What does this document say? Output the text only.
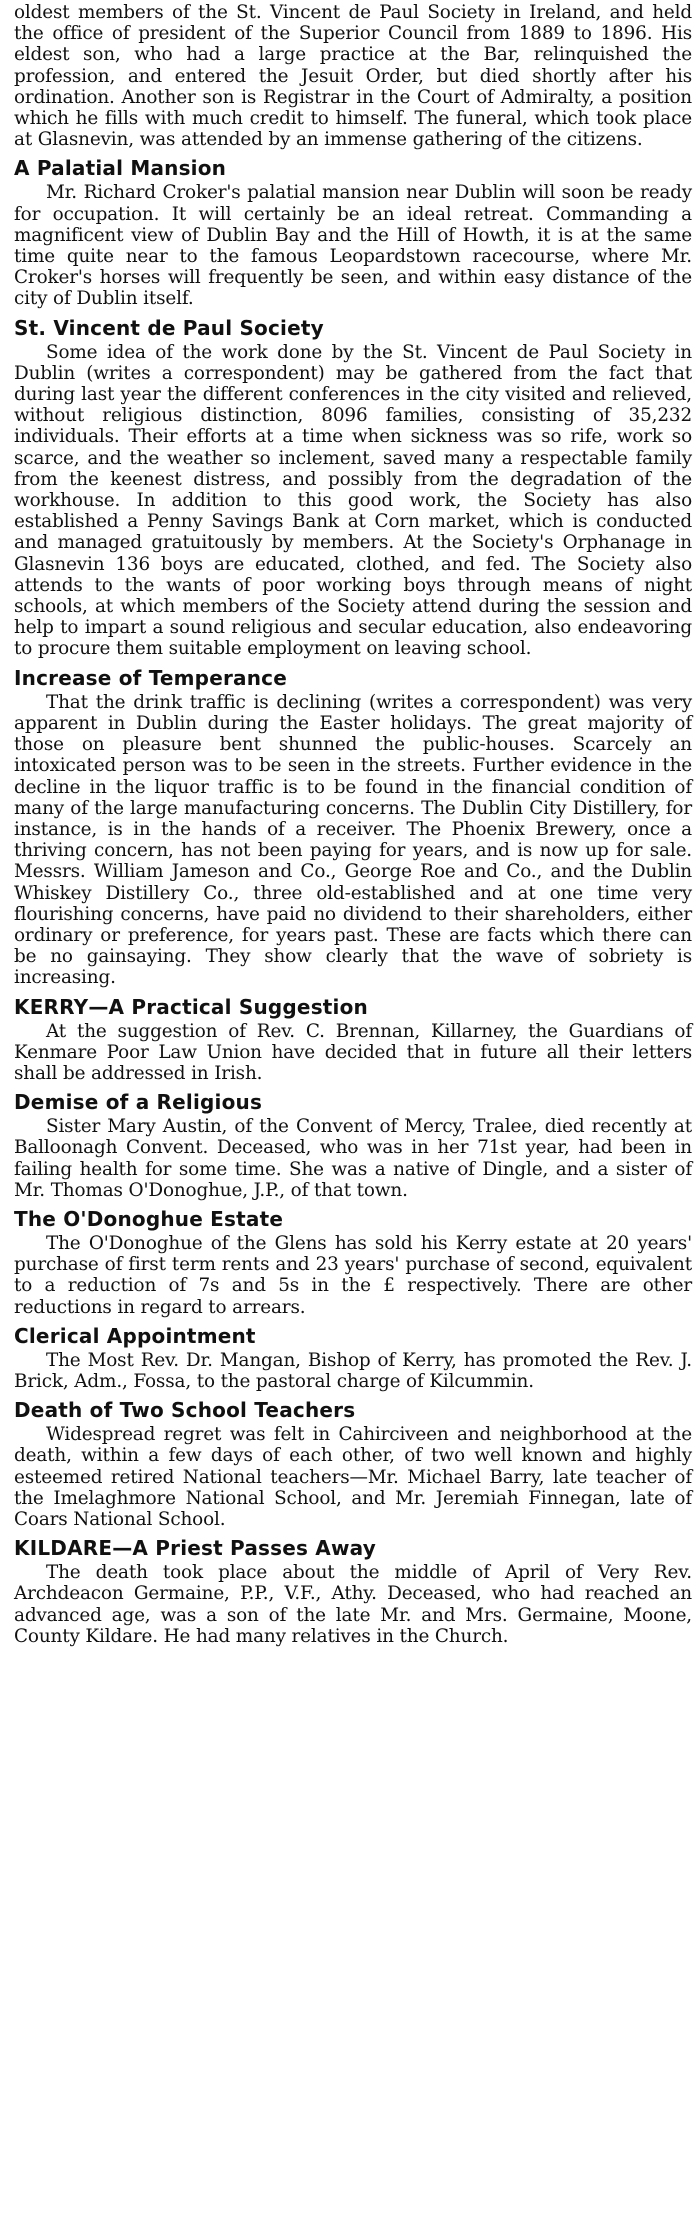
oldest members of the St. Vincent de Paul Society in Ireland, and held the office of president of the Superior Council from 1889 to 1896. His eldest son, who had a large practice at the Bar, relinquished the profession, and entered the Jesuit Order, but died shortly after his ordination. Another son is Registrar in the Court of Admiralty, a position which he fills with much credit to himself. The funeral, which took place at Glasnevin, was attended by an immense gathering of the citizens.

A Palatial Mansion

Mr. Richard Croker's palatial mansion near Dublin will soon be ready for occupation. It will certainly be an ideal retreat. Commanding a magnificent view of Dublin Bay and the Hill of Howth, it is at the same time quite near to the famous Leopardstown racecourse, where Mr. Croker's horses will frequently be seen, and within easy distance of the city of Dublin itself.

St. Vincent de Paul Society

Some idea of the work done by the St. Vincent de Paul Society in Dublin (writes a correspondent) may be gathered from the fact that during last year the different conferences in the city visited and relieved, without religious distinction, 8096 families, consisting of 35,232 individuals. Their efforts at a time when sickness was so rife, work so scarce, and the weather so inclement, saved many a respectable family from the keenest distress, and possibly from the degradation of the workhouse. In addition to this good work, the Society has also established a Penny Savings Bank at Corn market, which is conducted and managed gratuitously by members. At the Society's Orphanage in Glasnevin 136 boys are educated, clothed, and fed. The Society also attends to the wants of poor working boys through means of night schools, at which members of the Society attend during the session and help to impart a sound religious and secular education, also endeavoring to procure them suitable employment on leaving school.

Increase of Temperance

That the drink traffic is declining (writes a correspondent) was very apparent in Dublin during the Easter holidays. The great majority of those on pleasure bent shunned the public-houses. Scarcely an intoxicated person was to be seen in the streets. Further evidence in the decline in the liquor traffic is to be found in the financial condition of many of the large manufacturing concerns. The Dublin City Distillery, for instance, is in the hands of a receiver. The Phoenix Brewery, once a thriving concern, has not been paying for years, and is now up for sale. Messrs. William Jameson and Co., George Roe and Co., and the Dublin Whiskey Distillery Co., three old-established and at one time very flourishing concerns, have paid no dividend to their shareholders, either ordinary or preference, for years past. These are facts which there can be no gainsaying. They show clearly that the wave of sobriety is increasing.

KERRY—A Practical Suggestion

At the suggestion of Rev. C. Brennan, Killarney, the Guardians of Kenmare Poor Law Union have decided that in future all their letters shall be addressed in Irish.

Demise of a Religious

Sister Mary Austin, of the Convent of Mercy, Tralee, died recently at Balloonagh Convent. Deceased, who was in her 71st year, had been in failing health for some time. She was a native of Dingle, and a sister of Mr. Thomas O'Donoghue, J.P., of that town.

The O'Donoghue Estate

The O'Donoghue of the Glens has sold his Kerry estate at 20 years' purchase of first term rents and 23 years' purchase of second, equivalent to a reduction of 7s and 5s in the £ respectively. There are other reductions in regard to arrears.

Clerical Appointment

The Most Rev. Dr. Mangan, Bishop of Kerry, has promoted the Rev. J. Brick, Adm., Fossa, to the pastoral charge of Kilcummin.

Death of Two School Teachers

Widespread regret was felt in Cahirciveen and neighborhood at the death, within a few days of each other, of two well known and highly esteemed retired National teachers—Mr. Michael Barry, late teacher of the Imelaghmore National School, and Mr. Jeremiah Finnegan, late of Coars National School.

KILDARE—A Priest Passes Away

The death took place about the middle of April of Very Rev. Archdeacon Germaine, P.P., V.F., Athy. Deceased, who had reached an advanced age, was a son of the late Mr. and Mrs. Germaine, Moone, County Kildare. He had many relatives in the Church.
